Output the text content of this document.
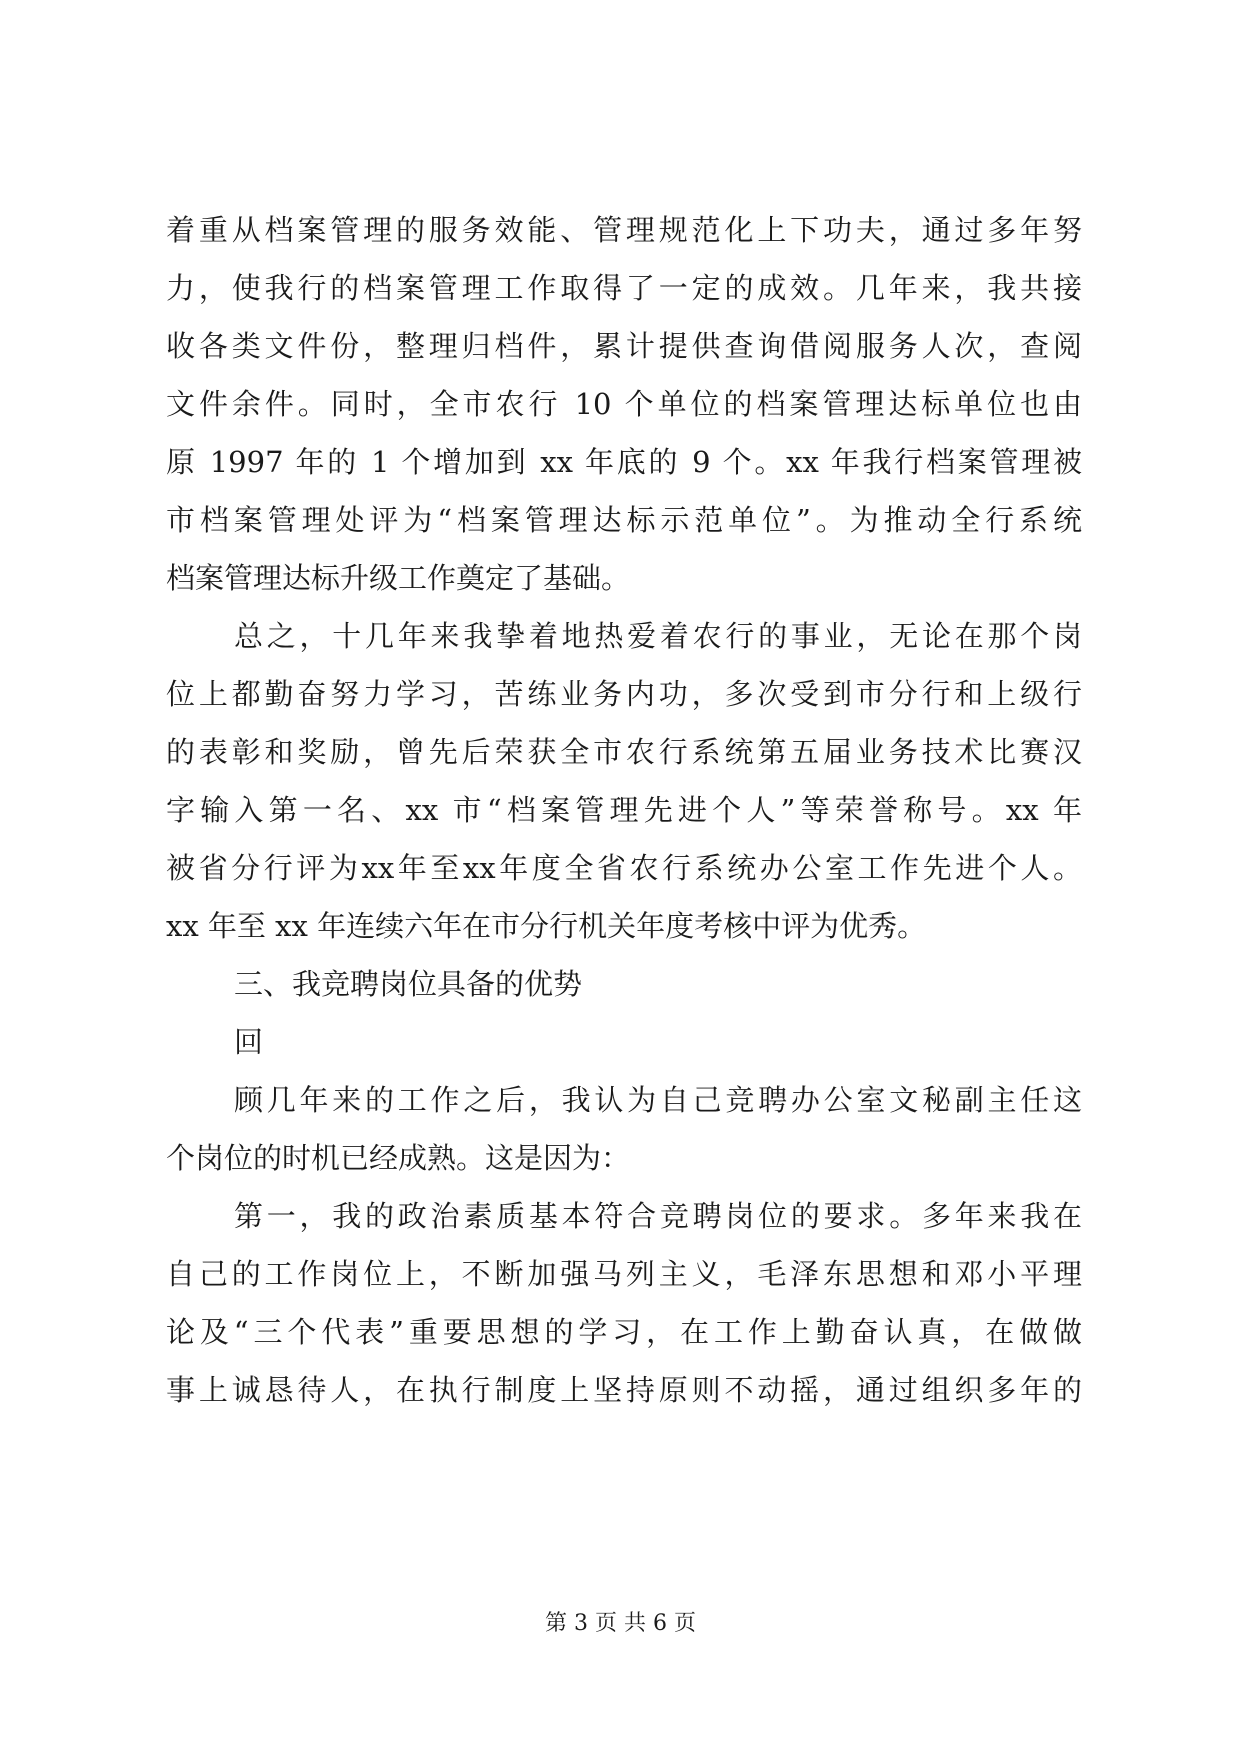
着重从档案管理的服务效能、管理规范化上下功夫，通过多年努
力，使我行的档案管理工作取得了一定的成效。几年来，我共接
收各类文件份，整理归档件，累计提供查询借阅服务人次，查阅
文件余件。同时，全市农行 10 个单位的档案管理达标单位也由
原 1997 年的 1 个增加到 xx 年底的 9 个。xx 年我行档案管理被
市档案管理处评为“档案管理达标示范单位”。为推动全行系统
档案管理达标升级工作奠定了基础。
总之，十几年来我挚着地热爱着农行的事业，无论在那个岗
位上都勤奋努力学习，苦练业务内功，多次受到市分行和上级行
的表彰和奖励，曾先后荣获全市农行系统第五届业务技术比赛汉
字输入第一名、xx 市“档案管理先进个人”等荣誉称号。xx 年
被省分行评为xx年至xx年度全省农行系统办公室工作先进个人。
xx 年至 xx 年连续六年在市分行机关年度考核中评为优秀。
三、我竞聘岗位具备的优势
回
顾几年来的工作之后，我认为自己竞聘办公室文秘副主任这
个岗位的时机已经成熟。这是因为：
第一，我的政治素质基本符合竞聘岗位的要求。多年来我在
自己的工作岗位上，不断加强马列主义，毛泽东思想和邓小平理
论及“三个代表”重要思想的学习，在工作上勤奋认真，在做做
事上诚恳待人，在执行制度上坚持原则不动摇，通过组织多年的
第 3 页 共 6 页
